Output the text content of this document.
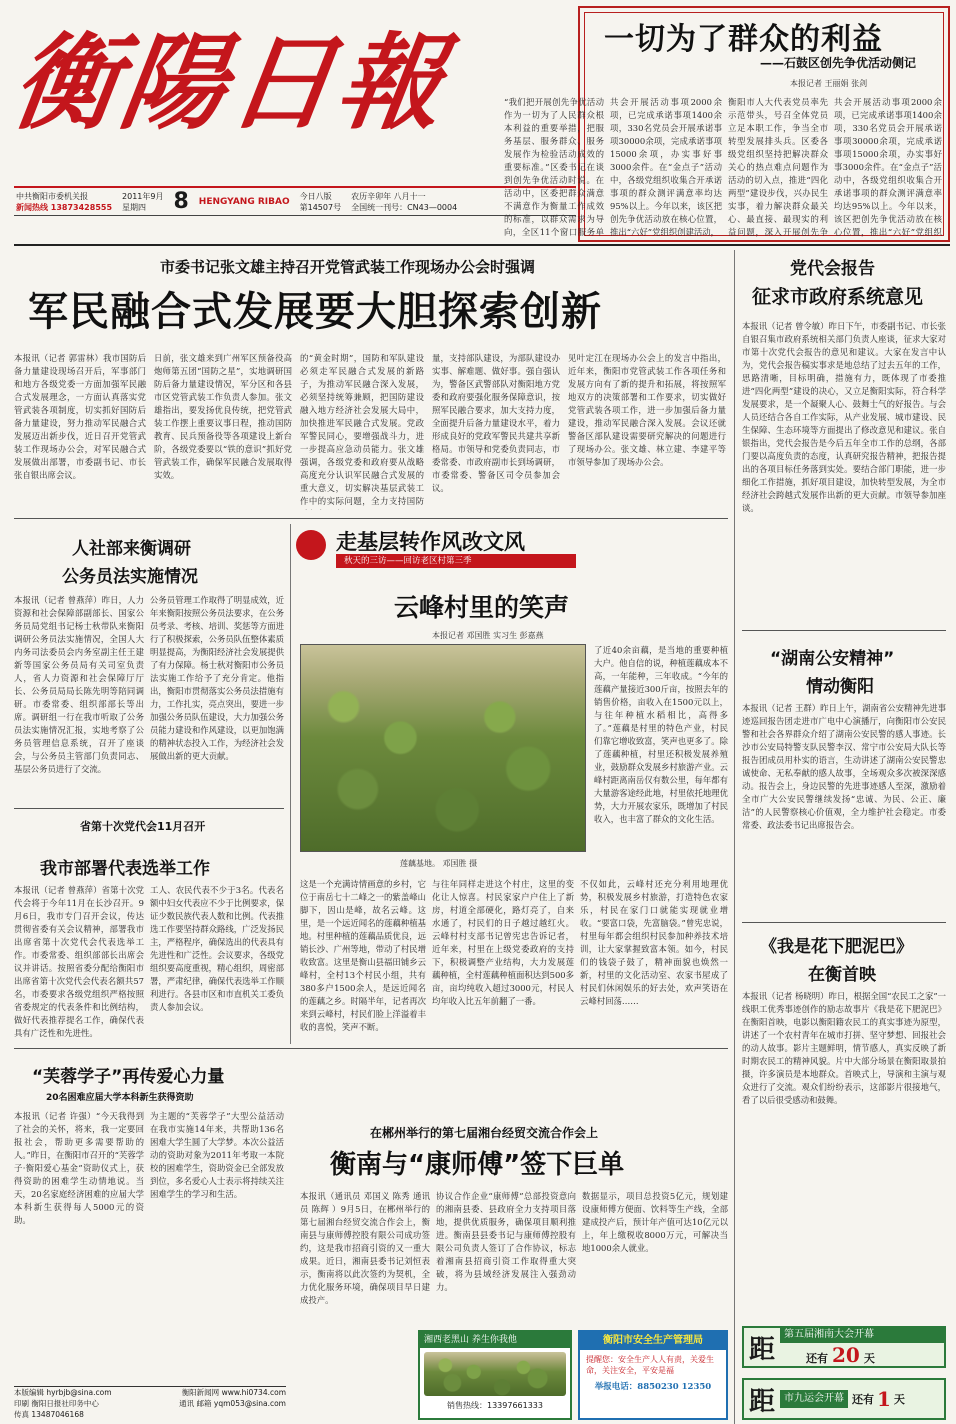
衡陽日報
中共衡阳市委机关报
新闻热线 13873428555
2011年9月
星期四	8 HENGYANG RIBAO
今日八版
第14507号
农历辛卯年 八月十一
全国统一刊号：CN43—0004
一切为了群众的利益
——石鼓区创先争优活动侧记
本报记者 王丽娟 张剑
“我们把开展创先争优活动作为一切为了人民群众根本利益的重要举措，把服务基层、服务群众、服务发展作为检验活动成效的重要标准。”区委书记在谈到创先争优活动时说。在活动中，区委把群众满意不满意作为衡量工作成效的标准，以群众需求为导向，全区11个窗口服务单
共会开展活动事项2000余项，已完成承诺事项1400余项，330名党员会开展承诺事项30000余项，完成承诺事项15000余项，办实事好事3000余件。在“金点子”活动中，各级党组织收集合开承诺事项的群众测评满意率均达95%以上。今年以来，该区把创先争优活动放在核心位置，推出“六好”党组织创建活动，
衡阳市人大代表党员率先示范带头，号召全体党员立足本职工作，争当全市转型发展排头兵。区委各级党组织坚持把解决群众关心的热点难点问题作为活动的切入点，推进“四化两型”建设步伐，兴办民生实事，着力解决群众最关心、最直接、最现实的利益问题，深入开展创先争
共会开展活动事项2000余项，已完成承诺事项1400余项，330名党员会开展承诺事项30000余项，完成承诺事项15000余项，办实事好事3000余件。在“金点子”活动中，各级党组织收集合开承诺事项的群众测评满意率均达95%以上。今年以来，该区把创先争优活动放在核心位置，推出“六好”党组织
市委书记张文雄主持召开党管武装工作现场办公会时强调
军民融合式发展要大胆探索创新
本报讯（记者 郭雷林）我市国防后备力量建设现场召开后，军事部门和地方各级党委一方面加强军民融合式发展理念，一方面认真落实党管武装各项制度，切实抓好国防后备力量建设，努力推动军民融合式发展迈出新步伐，近日召开党管武装工作现场办公会，对军民融合式发展做出部署，市委副书记、市长张自银出席会议。
日前，张文雄来到广州军区预备役高炮师第五团“国防之星”，实地调研国防后备力量建设情况，军分区和各县市区党管武装工作负责人参加。张文雄指出，要发扬优良传统，把党管武装工作摆上重要议事日程，推动国防教育、民兵预备役等各项建设上新台阶，各级党委要以“铁的意识”抓好党管武装工作，确保军民融合发展取得实效。
的“黄金时期”，国防和军队建设必须走军民融合式发展的新路子，为推动军民融合深入发展，必须坚持统筹兼顾，把国防建设融入地方经济社会发展大局中，加快推进军民融合式发展。党政军警民同心，要增强战斗力，进一步提高应急动员能力。张文雄强调，各级党委和政府要从战略高度充分认识军民融合式发展的重大意义，切实解决基层武装工作中的实际问题，全力支持国防
量，支持部队建设，为部队建设办实事、解难题、做好事。强自强认为，警备区武警部队对衡阳地方党委和政府要强化服务保障意识，按照军民融合要求，加大支持力度，全面提升后备力量建设水平，着力形成良好的党政军警民共建共享新格局。市领导和党委负责同志，市委常委、市政府副市长到场调研，市委常委、警备区司令员参加会议。
见叶定江在现场办公会上的发言中指出，近年来，衡阳市党管武装工作各项任务和发展方向有了新的提升和拓展，将按照军地双方的决策部署和工作要求，切实做好党管武装各项工作，进一步加强后备力量建设，推动军民融合深入发展。会议还就警备区部队建设需要研究解决的问题进行了现场办公。张文雄、林立建、李建平等市领导参加了现场办公会。
党代会报告
征求市政府系统意见
本报讯（记者 曾令敏）昨日下午，市委副书记、市长张自银召集市政府系统相关部门负责人座谈，征求大家对市第十次党代会报告的意见和建议。大家在发言中认为，党代会报告稿实事求是地总结了过去五年的工作，思路清晰，目标明确，措施有力，既体现了市委推进“四化两型”建设的决心，又立足衡阳实际，符合科学发展要求，是一个凝聚人心、鼓舞士气的好报告。与会人员还结合各自工作实际，从产业发展、城市建设、民生保障、生态环境等方面提出了修改意见和建议。张自银指出，党代会报告是今后五年全市工作的总纲，各部门要以高度负责的态度，认真研究报告精神，把报告提出的各项目标任务落到实处。要结合部门职能，进一步细化工作措施，抓好项目建设，加快转型发展，为全市经济社会跨越式发展作出新的更大贡献。市领导参加座谈。
人社部来衡调研
公务员法实施情况
本报讯（记者 曾燕萍）昨日，人力资源和社会保障部副部长、国家公务员局党组书记杨士秋带队来衡阳调研公务员法实施情况，全国人大内务司法委员会内务室副主任王建新等国家公务员局有关司室负责人，省人力资源和社会保障厅厅长、公务员局局长陈先明等陪同调研。市委常委、组织部部长等出席。调研组一行在我市听取了公务员法实施情况汇报，实地考察了公务员管理信息系统，召开了座谈会，与公务员主管部门负责同志、基层公务员进行了交流。
公务员管理工作取得了明显成效，近年来衡阳按照公务员法要求，在公务员考录、考核、培训、奖惩等方面进行了积极探索，公务员队伍整体素质明显提高，为衡阳经济社会发展提供了有力保障。杨士秋对衡阳市公务员法实施工作给予了充分肯定。他指出，衡阳市贯彻落实公务员法措施有力，工作扎实，亮点突出，要进一步加强公务员队伍建设，大力加强公务员能力建设和作风建设，以更加饱满的精神状态投入工作，为经济社会发展做出新的更大贡献。
走基层转作风改文风
秋天的三访——回访老区村第三季
云峰村里的笑声
本报记者 邓国胜 实习生 彭嘉燕
莲藕基地。 邓国胜 摄
了近40余亩藕，是当地的重要种植大户。他自信的说，种植莲藕成本不高，一年能种，三年收成。“今年的莲藕产量接近300斤亩，按照去年的销售价格，亩收入在1500元以上，与往年种植水稻相比，高得多了。”莲藕是村里的特色产业，村民们靠它增收致富，笑声也更多了。除了莲藕种植，村里还积极发展养殖业，鼓励群众发展乡村旅游产业。云峰村距离南岳仅有数公里，每年都有大量游客途经此地，村里依托地理优势，大力开展农家乐，既增加了村民收入，也丰富了群众的文化生活。
这是一个充满诗情画意的乡村，它位于南岳七十二峰之一的紫盖峰山脚下，因山是峰，故名云峰。这里，是一个远近闻名的莲藕种植基地。村里种植的莲藕品质优良，远销长沙、广州等地，带动了村民增收致富。这里是衡山县福田铺乡云峰村，全村13个村民小组，共有380多户1500余人，是远近闻名的莲藕之乡。时隔半年，记者再次来到云峰村，村民们脸上洋溢着丰收的喜悦，笑声不断。
与往年同样走进这个村庄，这里的变化让人惊喜。村民家家户户住上了新房，村道全部硬化，路灯亮了，自来水通了，村民们的日子越过越红火。云峰村村支部书记曾宪忠告诉记者，近年来，村里在上级党委政府的支持下，积极调整产业结构，大力发展莲藕种植，全村莲藕种植面积达到500多亩，亩均纯收入超过3000元，村民人均年收入比五年前翻了一番。
不仅如此，云峰村还充分利用地理优势，积极发展乡村旅游，打造特色农家乐，村民在家门口就能实现就业增收。“要富口袋，先富脑袋。”曾宪忠说，村里每年都会组织村民参加种养技术培训，让大家掌握致富本领。如今，村民们的钱袋子鼓了，精神面貌也焕然一新，村里的文化活动室、农家书屋成了村民们休闲娱乐的好去处，欢声笑语在云峰村回荡……
“湖南公安精神”
情动衡阳
本报讯（记者 王群）昨日上午，湖南省公安精神先进事迹巡回报告团走进市广电中心演播厅，向衡阳市公安民警和社会各界群众介绍了湖南公安民警的感人事迹。长沙市公安局特警支队民警李汉、常宁市公安局大队长等报告团成员用朴实的语言，生动讲述了湖南公安民警忠诚使命、无私奉献的感人故事，全场观众多次被深深感动。报告会上，身边民警的先进事迹感人至深，激励着全市广大公安民警继续发扬“忠诚、为民、公正、廉洁”的人民警察核心价值观，全力维护社会稳定。市委常委、政法委书记出席报告会。
省第十次党代会11月召开
我市部署代表选举工作
本报讯（记者 曾燕萍）省第十次党代会将于今年11月在长沙召开。9月6日，我市专门召开会议，传达贯彻省委有关会议精神，部署我市出席省第十次党代会代表选举工作。市委常委、组织部部长出席会议并讲话。按照省委分配给衡阳市出席省第十次党代会代表名额共57名，市委要求各级党组织严格按照省委规定的代表条件和比例结构，做好代表推荐提名工作，确保代表具有广泛性和先进性。
工人、农民代表不少于3名。代表名额中妇女代表应不少于比例要求，保证少数民族代表人数和比例。代表推选工作要坚持群众路线，广泛发扬民主，严格程序，确保选出的代表具有先进性和广泛性。会议要求，各级党组织要高度重视，精心组织，周密部署，严肃纪律，确保代表选举工作顺利进行。各县市区和市直机关工委负责人参加会议。
《我是花下肥泥巴》
在衡首映
本报讯（记者 杨晓明）昨日，根据全国“农民工之家”一线职工优秀事迹创作的励志故事片《我是花下肥泥巴》在衡阳首映，电影以衡阳籍农民工的真实事迹为原型，讲述了一个农村青年在城市打拼、坚守梦想、回报社会的动人故事。影片主题鲜明，情节感人，真实反映了新时期农民工的精神风貌。片中大部分场景在衡阳取景拍摄，许多演员是本地群众。首映式上，导演和主演与观众进行了交流。观众们纷纷表示，这部影片很接地气，看了以后很受感动和鼓舞。
“芙蓉学子”再传爱心力量
20名困难应届大学本科新生获得资助
本报讯（记者 许强）“今天我得到了社会的关怀，将来，我一定要回报社会，帮助更多需要帮助的人。”昨日，在衡阳市召开的“芙蓉学子·衡阳爱心基金”资助仪式上，获得资助的困难学生动情地说。当天，20名家庭经济困难的应届大学本科新生获得每人5000元的资助。
为主题的“芙蓉学子”大型公益活动在我市实施14年来，共帮助136名困难大学生圆了大学梦。本次公益活动的资助对象为2011年考取一本院校的困难学生，资助资金已全部发放到位，多名爱心人士表示将持续关注困难学生的学习和生活。
在郴州举行的第七届湘台经贸交流合作会上
衡南与“康师傅”签下巨单
本报讯（通讯员 邓国义 陈秀 通讯员 陈辉 ）9月5日，在郴州举行的第七届湘台经贸交流合作会上，衡南县与康师傅控股有限公司成功签约，这是我市招商引资的又一重大成果。近日，湘南县委书记刘恒表示，衡南将以此次签约为契机，全力优化服务环境，确保项目早日建成投产。
协议合作企业“康师傅”总部投资意向的湘南县委、县政府全力支持项目落地，提供优质服务，确保项目顺利推进。衡南县县委书记与康师傅控股有限公司负责人签订了合作协议，标志着湘南县招商引资工作取得重大突破，将为县域经济发展注入强劲动力。
数据显示，项目总投资5亿元，规划建设康师傅方便面、饮料等生产线，全部建成投产后，预计年产值可达10亿元以上，年上缴税收8000万元，可解决当地1000余人就业。
湘西老黑山 养生你我他
销售热线：13397661333
衡阳市安全生产管理局
提醒您：安全生产人人有责，关爱生命，关注安全，平安是福
举报电话：8850230 12350
距 第五届湘南大会开幕
还有 20 天
距 市九运会开幕 还有 1 天
本版编辑 hyrbjb@sina.com	衡阳新闻网 www.hi0734.com
印刷 衡阳日报社印务中心	通讯 邮箱 yqm053@sina.com
传真 13487046168
